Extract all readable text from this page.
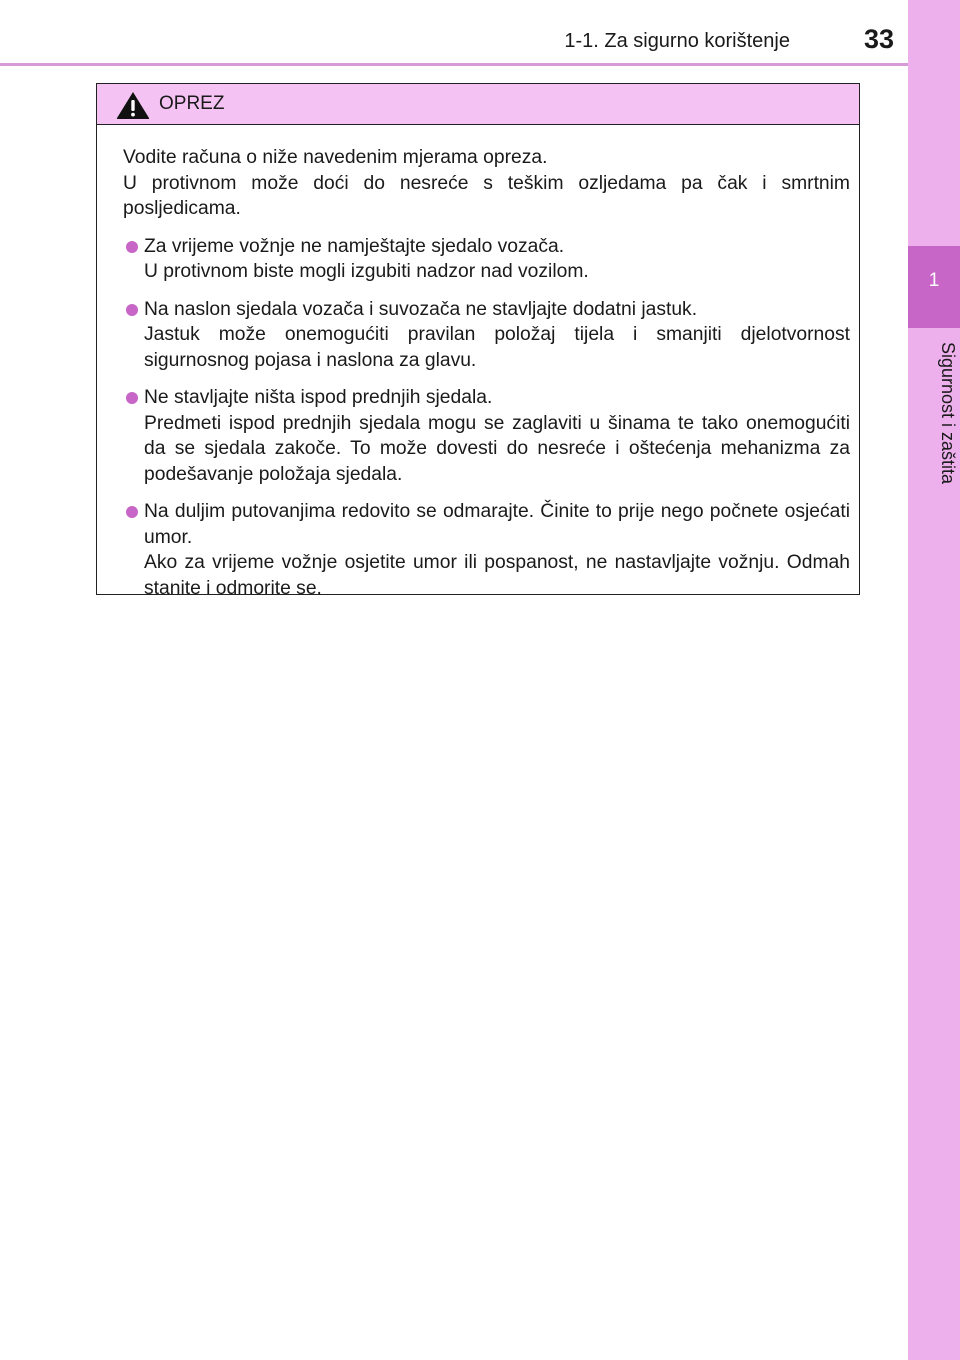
1-1. Za sigurno korištenje	33
1
Sigurnost i zaštita
OPREZ

Vodite računa o niže navedenim mjerama opreza.

U protivnom može doći do nesreće s teškim ozljedama pa čak i smrtnim posljedicama.

Za vrijeme vožnje ne namještajte sjedalo vozača.

U protivnom biste mogli izgubiti nadzor nad vozilom.

Na naslon sjedala vozača i suvozača ne stavljajte dodatni jastuk.

Jastuk može onemogućiti pravilan položaj tijela i smanjiti djelotvornost sigurnosnog pojasa i naslona za glavu.

Ne stavljajte ništa ispod prednjih sjedala.

Predmeti ispod prednjih sjedala mogu se zaglaviti u šinama te tako onemogućiti da se sjedala zakoče. To može dovesti do nesreće i oštećenja mehanizma za podešavanje položaja sjedala.

Na duljim putovanjima redovito se odmarajte. Činite to prije nego počnete osjećati umor.

Ako za vrijeme vožnje osjetite umor ili pospanost, ne nastavljajte vožnju. Odmah stanite i odmorite se.
